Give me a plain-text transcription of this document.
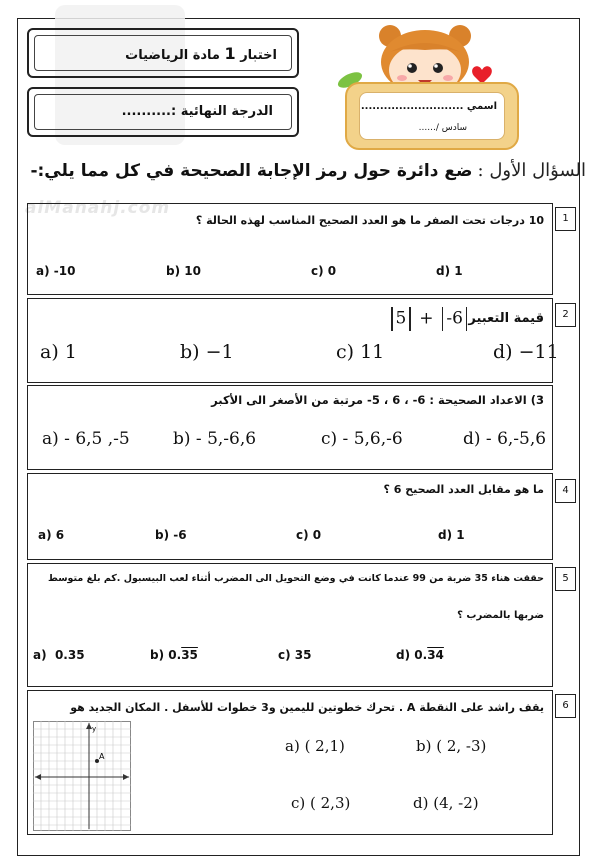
alManahj.com
اختبار 1 مادة الرياضيات
الدرجة النهائية :..........	اسمي ...........................
سادس /......
السؤال الأول : ضع دائرة حول رمز الإجابة الصحيحة في كل مما يلي:-
10 درجات تحت الصفر ما هو العدد الصحيح المناسب لهذه الحالة ؟
a) -10	b) 10	c) 0	d) 1
1
قيمة التعبير
5 + -6
a) 1	b) −1	c) 11	d) −11
2
3) الاعداد الصحيحة : 6- ، 6 ، 5- مرتبة من الأصغر الى الأكبر
a) - 6,5 ,-5	b) - 5,-6,6	c) - 5,6,-6	d) - 6,-5,6
ما هو مقابل العدد الصحيح 6 ؟
a) 6	b) -6	c) 0	d) 1
4
حققت هناء 35 ضربة من 99 عندما كانت في وضع التحويل الى المضرب أثناء لعب البيسبول .كم بلغ متوسط
ضربها بالمضرب ؟
a) 0.35	b) 0.35	c) 35	d) 0.34
5
يقف راشد على النقطة A . تحرك خطوتين لليمين و3 خطوات للأسفل . المكان الجديد هو
A
y
a) ( 2,1)	b) ( 2, -3)
c) ( 2,3)	d) (4, -2)
6
